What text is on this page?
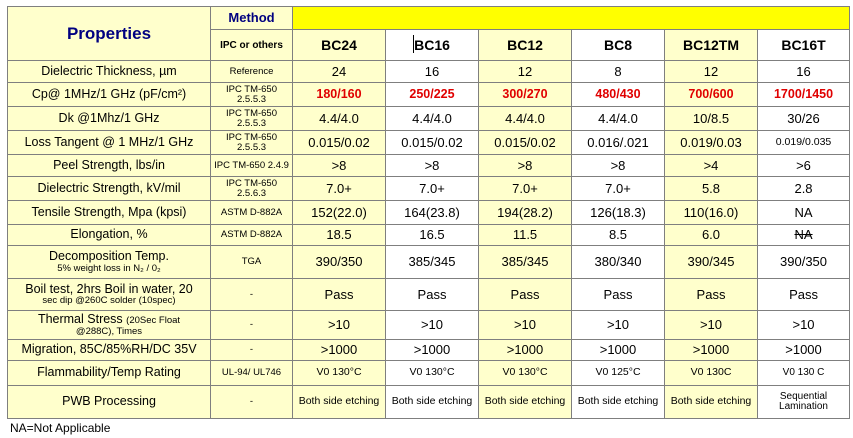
Properties	Method						
	IPC or others	BC24	BC16	BC12	BC8	BC12TM	BC16T
Dielectric Thickness, µm	Reference	24	16	12	8	12	16
Cp@ 1MHz/1 GHz (pF/cm²)	IPC TM-650 2.5.5.3	180/160	250/225	300/270	480/430	700/600	1700/1450
Dk @1Mhz/1 GHz	IPC TM-650 2.5.5.3	4.4/4.0	4.4/4.0	4.4/4.0	4.4/4.0	10/8.5	30/26
Loss Tangent @ 1 MHz/1 GHz	IPC TM-650 2.5.5.3	0.015/0.02	0.015/0.02	0.015/0.02	0.016/.021	0.019/0.03	0.019/0.035
Peel Strength, lbs/in	IPC TM-650 2.4.9	>8	>8	>8	>8	>4	>6
Dielectric Strength, kV/mil	IPC TM-650 2.5.6.3	7.0+	7.0+	7.0+	7.0+	5.8	2.8
Tensile Strength, Mpa (kpsi)	ASTM D-882A	152(22.0)	164(23.8)	194(28.2)	126(18.3)	110(16.0)	NA
Elongation, %	ASTM D-882A	18.5	16.5	11.5	8.5	6.0	NA
Decomposition Temp.
5% weight loss in N₂ / 0₂	TGA	390/350	385/345	385/345	380/340	390/345	390/350
Boil test, 2hrs Boil in water, 20
sec dip @260C solder (10spec)	-	Pass	Pass	Pass	Pass	Pass	Pass
Thermal Stress (20Sec Float
@288C), Times	-	>10	>10	>10	>10	>10	>10
Migration, 85C/85%RH/DC 35V	-	>1000	>1000	>1000	>1000	>1000	>1000
Flammability/Temp Rating	UL-94/ UL746	V0 130°C	V0 130°C	V0 130°C	V0 125°C	V0 130C	V0 130 C
PWB Processing	-	Both side etching	Both side etching	Both side etching	Both side etching	Both side etching	Sequential Lamination
NA=Not Applicable
